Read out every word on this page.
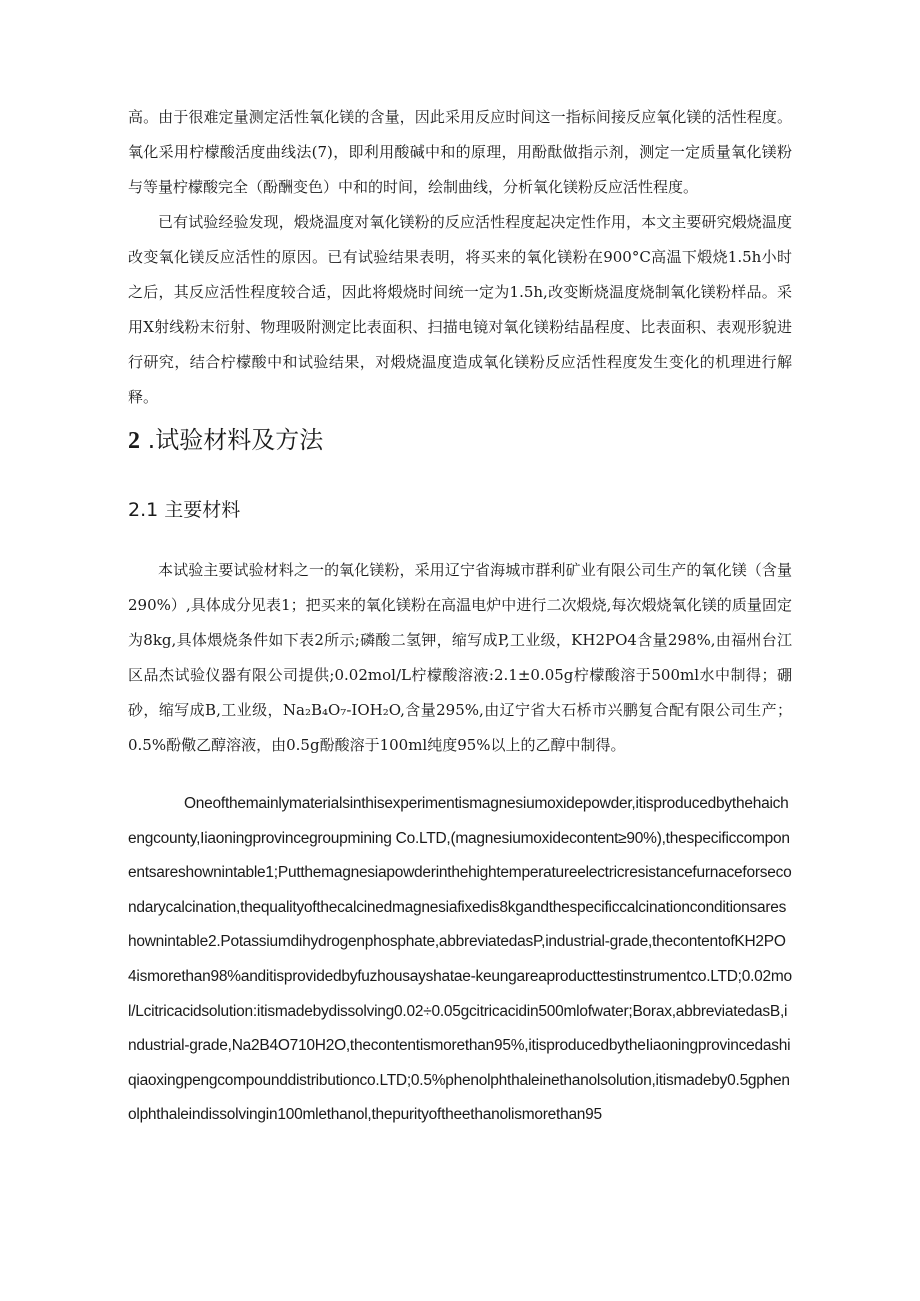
高。由于很难定量测定活性氧化镁的含量，因此采用反应时间这一指标间接反应氧化镁的活性程度。氧化采用柠檬酸活度曲线法(7)，即利用酸碱中和的原理，用酚酞做指示剂，测定一定质量氧化镁粉与等量柠檬酸完全（酚酬变色）中和的时间，绘制曲线，分析氧化镁粉反应活性程度。

已有试验经验发现，煅烧温度对氧化镁粉的反应活性程度起决定性作用，本文主要研究煅烧温度改变氧化镁反应活性的原因。已有试验结果表明，将买来的氧化镁粉在900°C高温下煅烧1.5h小时之后，其反应活性程度较合适，因此将煅烧时间统一定为1.5h,改变断烧温度烧制氧化镁粉样品。采用X射线粉末衍射、物理吸附测定比表面积、扫描电镜对氧化镁粉结晶程度、比表面积、表观形貌进行研究，结合柠檬酸中和试验结果，对煅烧温度造成氧化镁粉反应活性程度发生变化的机理进行解释。

2 .试验材料及方法
2.1 主要材料

本试验主要试验材料之一的氧化镁粉，采用辽宁省海城市群利矿业有限公司生产的氧化镁（含量290%）,具体成分见表1；把买来的氧化镁粉在高温电炉中进行二次煅烧,每次煅烧氧化镁的质量固定为8kg,具体煨烧条件如下表2所示;磷酸二氢钾，缩写成P,工业级，KH2PO4含量298%,由福州台江区品杰试验仪器有限公司提供;0.02mol∕L柠檬酸溶液:2.1±0.05g柠檬酸溶于500ml水中制得；硼砂，缩写成B,工业级，Na₂B₄O₇-IOH₂O,含量295%,由辽宁省大石桥市兴鹏复合配有限公司生产；0.5%酚儆乙醇溶液，由0.5g酚酸溶于100ml纯度95%以上的乙醇中制得。

Oneofthemainlymaterialsinthisexperimentismagnesiumoxidepowder,itisproducedbythehaichengcounty,Iiaoningprovincegroupmining Co.LTD,(magnesiumoxidecontent≥90%),thespecificcomponentsareshownintable1;Putthemagnesiapowderinthehightemperatureelectricresistancefurnaceforsecondarycalcination,thequalityofthecalcinedmagnesiafixedis8kgandthespecificcalcinationconditionsareshownintable2.Potassiumdihydrogenphosphate,abbreviatedasP,industrial-grade,thecontentofKH2PO4ismorethan98%anditisprovidedbyfuzhousayshatae-keungareaproducttestinstrumentco.LTD;0.02mol/Lcitricacidsolution:itismadebydissolving0.02÷0.05gcitricacidin500mlofwater;Borax,abbreviatedasB,industrial-grade,Na2B4O710H2O,thecontentismorethan95%,itisproducedbytheIiaoningprovincedashiqiaoxingpengcompounddistributionco.LTD;0.5%phenolphthaleinethanolsolution,itismadeby0.5gphenolphthaleindissolvingin100mlethanol,thepurityoftheethanolismorethan95
